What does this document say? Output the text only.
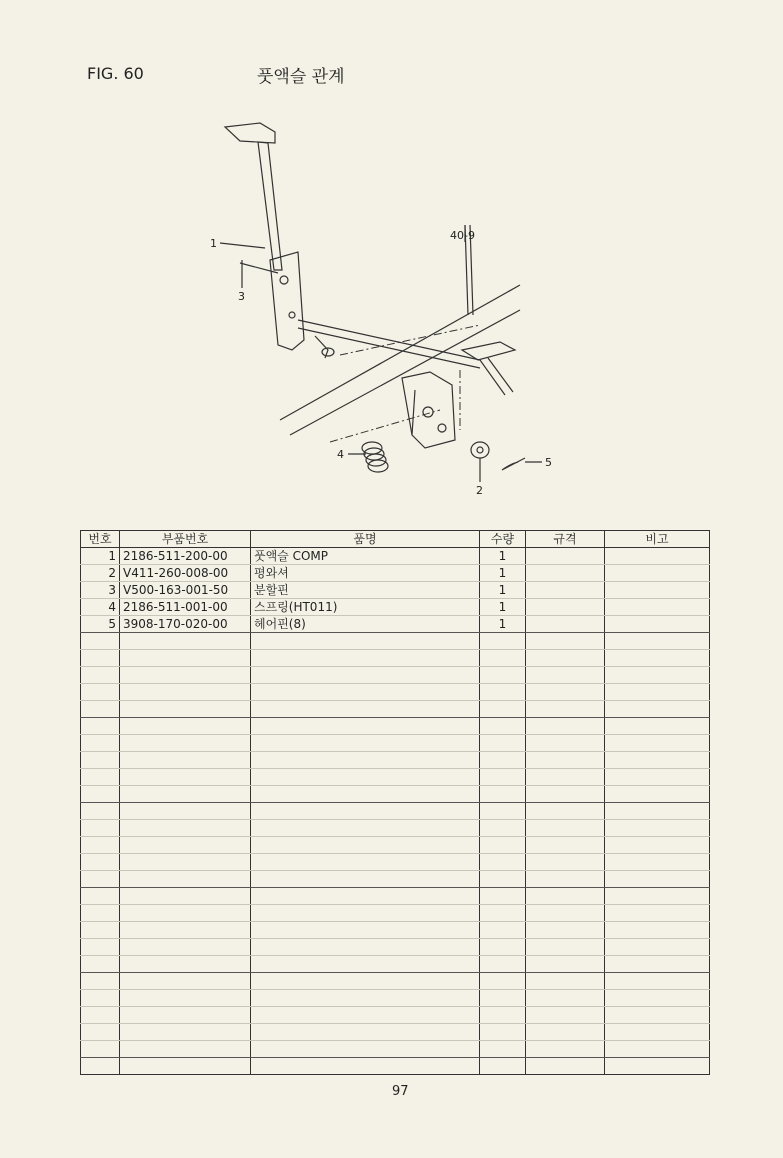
FIG. 60	풋액슬 관계
1
2
3
4
5
40-9
번호	부품번호	품명	수량	규격	비고
1	2186-511-200-00	풋액슬 COMP	1		
2	V411-260-008-00	평와셔	1		
3	V500-163-001-50	분할핀	1		
4	2186-511-001-00	스프링(HT011)	1		
5	3908-170-020-00	헤어핀(8)	1		

97
